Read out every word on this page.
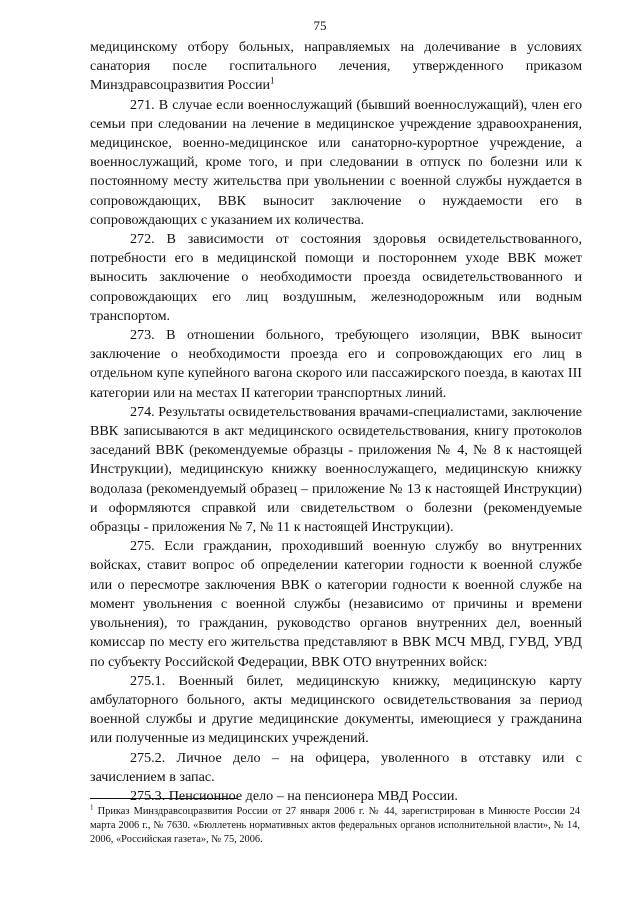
75

медицинскому отбору больных, направляемых на долечивание в условиях санатория после госпитального лечения, утвержденного приказом Минздравсоцразвития России$^1$

271. В случае если военнослужащий (бывший военнослужащий), член его семьи при следовании на лечение в медицинское учреждение здравоохранения, медицинское, военно-медицинское или санаторно-курортное учреждение, а военнослужащий, кроме того, и при следовании в отпуск по болезни или к постоянному месту жительства при увольнении с военной службы нуждается в сопровождающих, ВВК выносит заключение о нуждаемости его в сопровождающих с указанием их количества.

272. В зависимости от состояния здоровья освидетельствованного, потребности его в медицинской помощи и постороннем уходе ВВК может выносить заключение о необходимости проезда освидетельствованного и сопровождающих его лиц воздушным, железнодорожным или водным транспортом.

273. В отношении больного, требующего изоляции, ВВК выносит заключение о необходимости проезда его и сопровождающих его лиц в отдельном купе купейного вагона скорого или пассажирского поезда, в каютах III категории или на местах II категории транспортных линий.

274. Результаты освидетельствования врачами-специалистами, заключение ВВК записываются в акт медицинского освидетельствования, книгу протоколов заседаний ВВК (рекомендуемые образцы - приложения № 4, № 8 к настоящей Инструкции), медицинскую книжку военнослужащего, медицинскую книжку водолаза (рекомендуемый образец – приложение № 13 к настоящей Инструкции) и оформляются справкой или свидетельством о болезни (рекомендуемые образцы - приложения № 7, № 11 к настоящей Инструкции).

275. Если гражданин, проходивший военную службу во внутренних войсках, ставит вопрос об определении категории годности к военной службе или о пересмотре заключения ВВК о категории годности к военной службе на момент увольнения с военной службы (независимо от причины и времени увольнения), то гражданин, руководство органов внутренних дел, военный комиссар по месту его жительства представляют в ВВК МСЧ МВД, ГУВД, УВД по субъекту Российской Федерации, ВВК ОТО внутренних войск:

275.1. Военный билет, медицинскую книжку, медицинскую карту амбулаторного больного, акты медицинского освидетельствования за период военной службы и другие медицинские документы, имеющиеся у гражданина или полученные из медицинских учреждений.

275.2. Личное дело – на офицера, уволенного в отставку или с зачислением в запас.

275.3. Пенсионное дело – на пенсионера МВД России.

$^1$ Приказ Минздравсоцразвития России от 27 января 2006 г. № 44, зарегистрирован в Минюсте России 24 марта 2006 г., № 7630. «Бюллетень нормативных актов федеральных органов исполнительной власти», № 14, 2006, «Российская газета», № 75, 2006.
